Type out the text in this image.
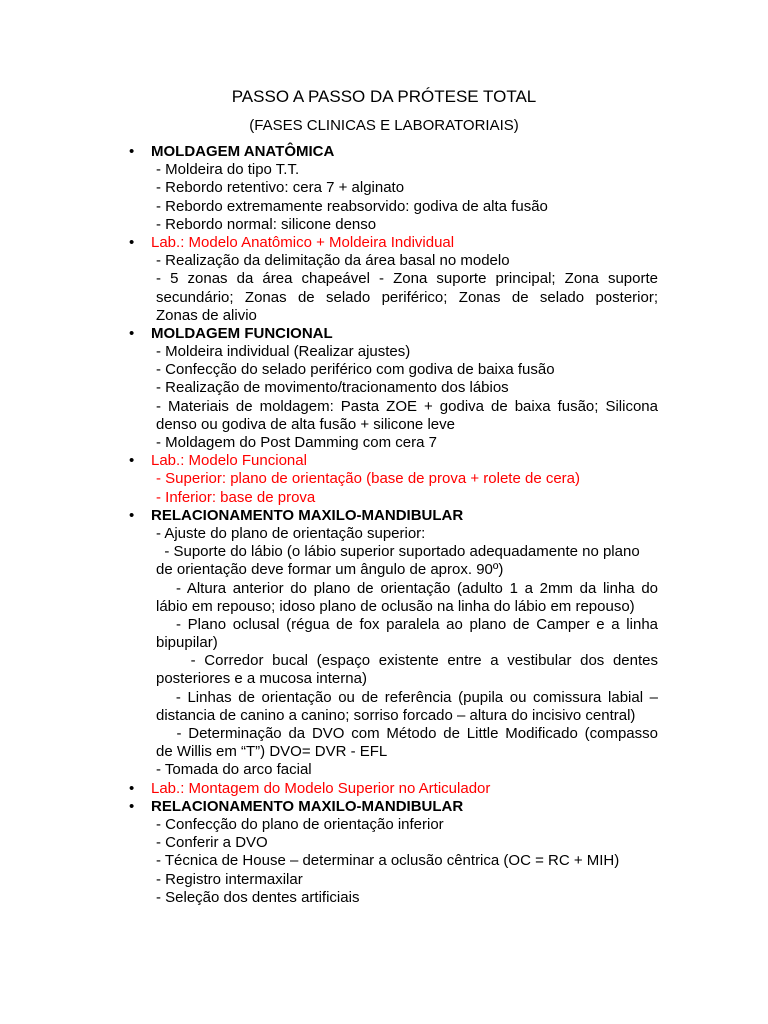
PASSO A PASSO DA PRÓTESE TOTAL
(FASES CLINICAS E LABORATORIAIS)
•	MOLDAGEM ANATÔMICA
- Moldeira do tipo T.T.
- Rebordo retentivo: cera 7 + alginato
- Rebordo extremamente reabsorvido: godiva de alta fusão
- Rebordo normal: silicone denso
•	Lab.: Modelo Anatômico + Moldeira Individual
- Realização da delimitação da área basal no modelo
- 5 zonas da área chapeável - Zona suporte principal; Zona suporte
secundário; Zonas de selado periférico; Zonas de selado posterior;
Zonas de alivio
•	MOLDAGEM FUNCIONAL
- Moldeira individual (Realizar ajustes)
- Confecção do selado periférico com godiva de baixa fusão
- Realização de movimento/tracionamento dos lábios
- Materiais de moldagem: Pasta ZOE + godiva de baixa fusão; Silicona
denso ou godiva de alta fusão + silicone leve
- Moldagem do Post Damming com cera 7
•	Lab.: Modelo Funcional
- Superior: plano de orientação (base de prova + rolete de cera)
- Inferior: base de prova
•	RELACIONAMENTO MAXILO-MANDIBULAR
- Ajuste do plano de orientação superior:
- Suporte do lábio (o lábio superior suportado adequadamente no plano
de orientação deve formar um ângulo de aprox. 90º)
- Altura anterior do plano de orientação (adulto 1 a 2mm da linha do
lábio em repouso; idoso plano de oclusão na linha do lábio em repouso)
- Plano oclusal (régua de fox paralela ao plano de Camper e a linha
bipupilar)
- Corredor bucal (espaço existente entre a vestibular dos dentes
posteriores e a mucosa interna)
- Linhas de orientação ou de referência (pupila ou comissura labial –
distancia de canino a canino; sorriso forcado – altura do incisivo central)
- Determinação da DVO com Método de Little Modificado (compasso
de Willis em “T”) DVO= DVR - EFL
- Tomada do arco facial
•	Lab.: Montagem do Modelo Superior no Articulador
•	RELACIONAMENTO MAXILO-MANDIBULAR
- Confecção do plano de orientação inferior
- Conferir a DVO
- Técnica de House – determinar a oclusão cêntrica (OC = RC + MIH)
- Registro intermaxilar
- Seleção dos dentes artificiais
